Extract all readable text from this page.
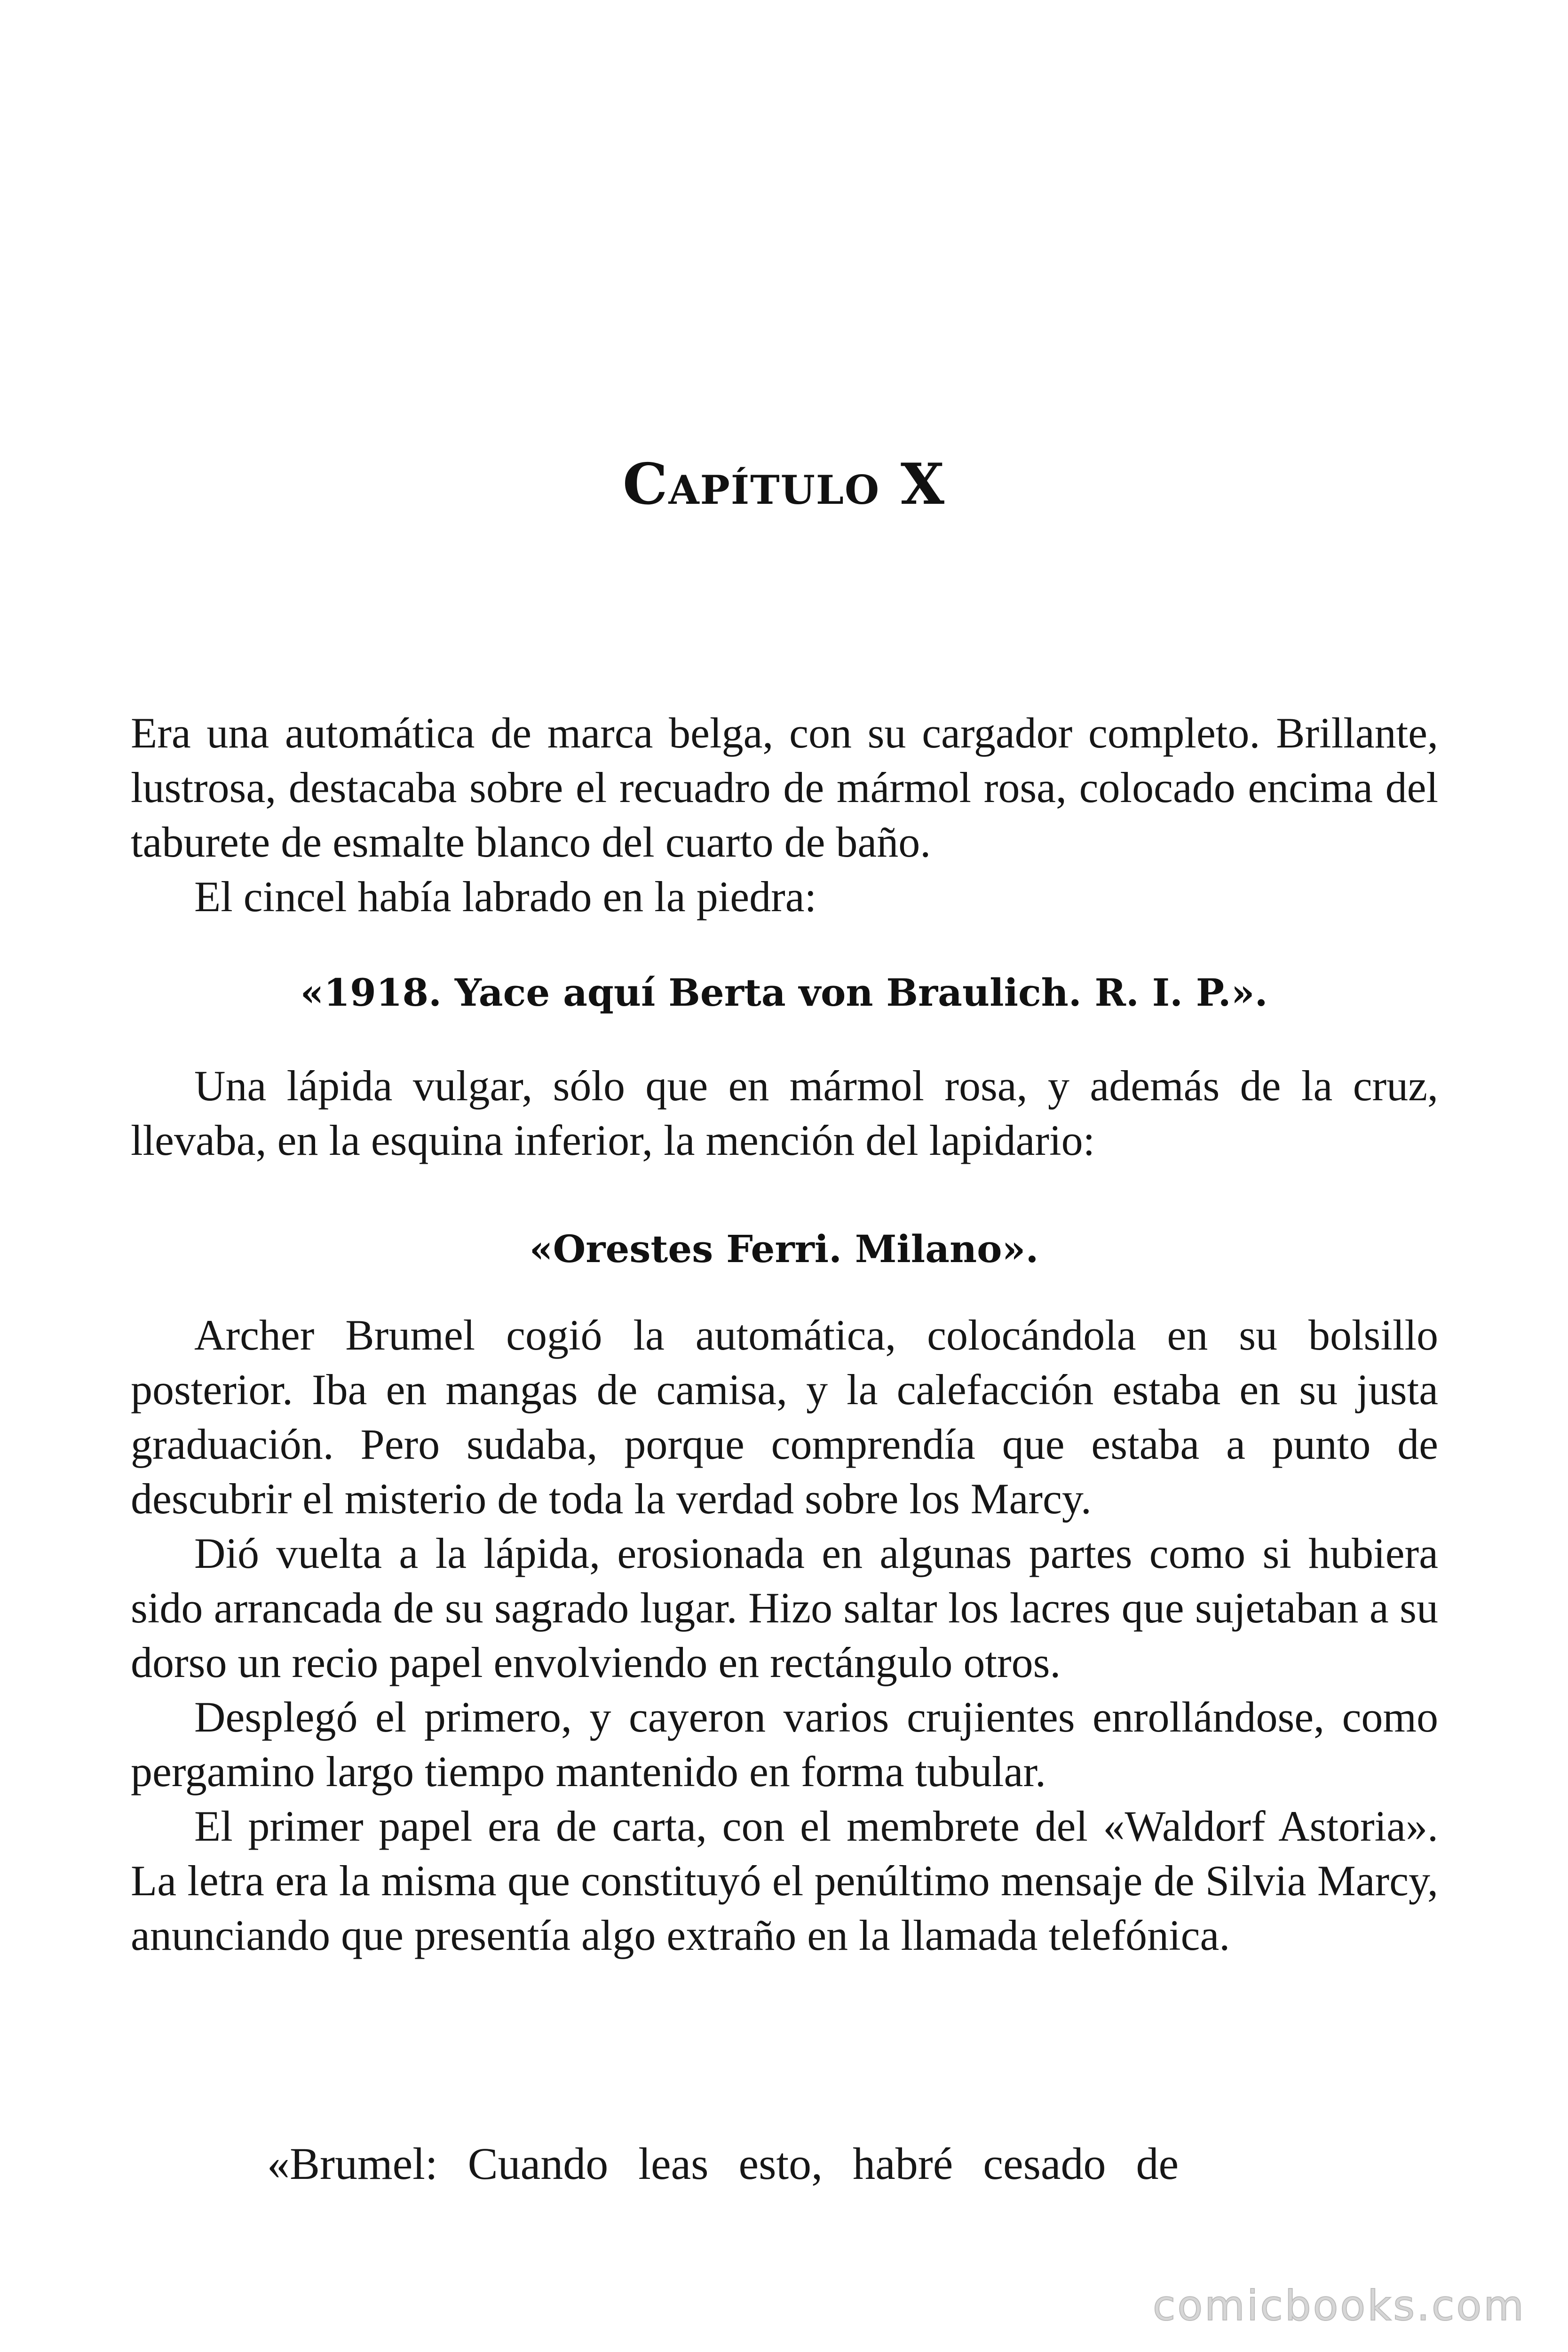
Capítulo X

Era una automática de marca belga, con su cargador completo. Brillante, lustrosa, destacaba sobre el recuadro de mármol rosa, colocado encima del taburete de esmalte blanco del cuarto de baño.

El cincel había labrado en la piedra:

«1918. Yace aquí Berta von Braulich. R. I. P.».

Una lápida vulgar, sólo que en mármol rosa, y además de la cruz, llevaba, en la esquina inferior, la mención del lapidario:

«Orestes Ferri. Milano».

Archer Brumel cogió la automática, colocándola en su bolsillo posterior. Iba en mangas de camisa, y la calefacción estaba en su justa graduación. Pero sudaba, porque comprendía que estaba a punto de descubrir el misterio de toda la verdad sobre los Marcy.

Dió vuelta a la lápida, erosionada en algunas partes como si hubiera sido arrancada de su sagrado lugar. Hizo saltar los lacres que sujetaban a su dorso un recio papel envolviendo en rectángulo otros.

Desplegó el primero, y cayeron varios crujientes enrollándose, como pergamino largo tiempo mantenido en forma tubular.

El primer papel era de carta, con el membrete del «Waldorf Astoria». La letra era la misma que constituyó el penúltimo mensaje de Silvia Marcy, anunciando que presentía algo extraño en la llamada telefónica.

«Brumel: Cuando leas esto, habré cesado de

comicbooks.com
